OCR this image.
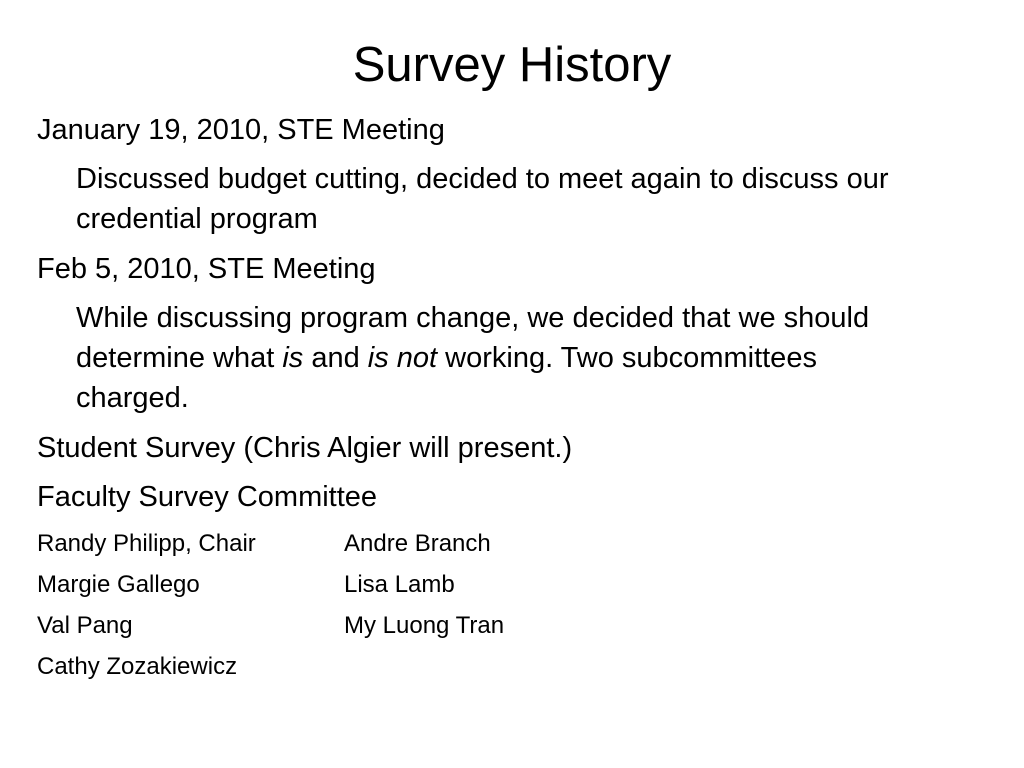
Survey History
January 19, 2010, STE Meeting
Discussed budget cutting, decided to meet again to discuss our credential program
Feb 5, 2010, STE Meeting
While discussing program change, we decided that we should determine what is and is not working. Two subcommittees charged.
Student Survey (Chris Algier will present.)
Faculty Survey Committee
Randy Philipp, Chair	Andre Branch
Margie Gallego	Lisa Lamb
Val Pang	My Luong Tran
Cathy Zozakiewicz
